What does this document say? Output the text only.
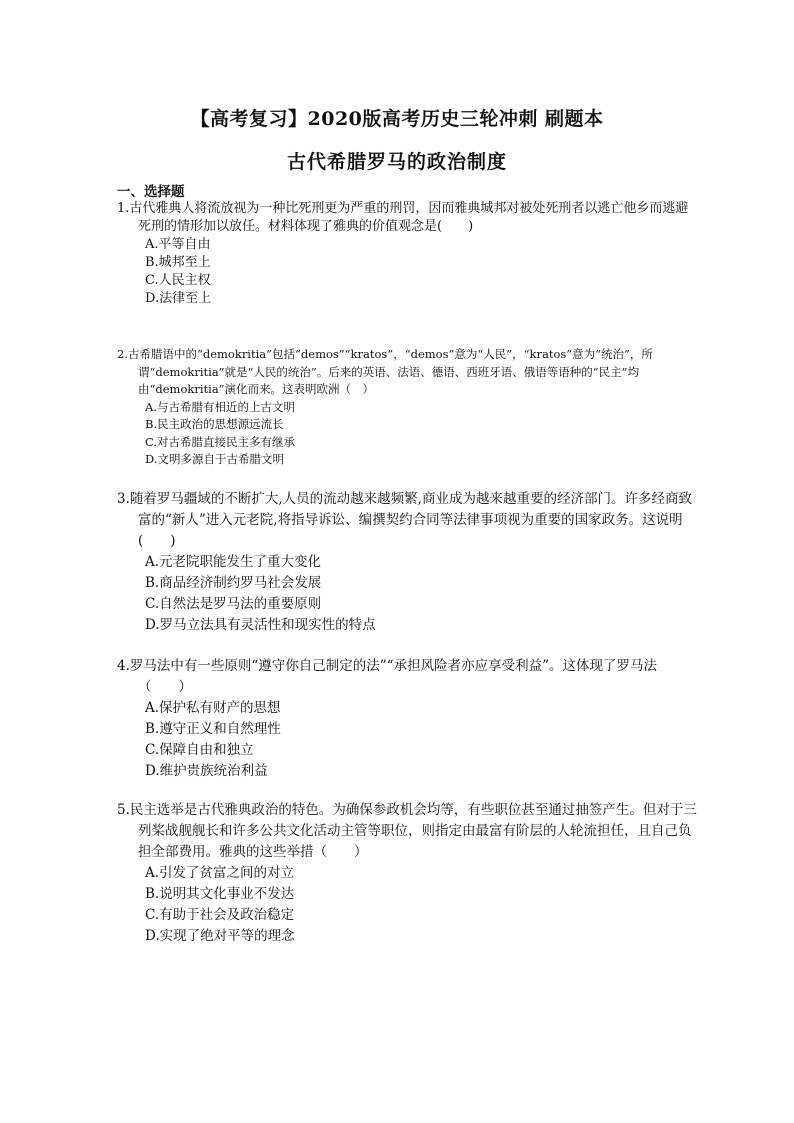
【高考复习】2020版高考历史三轮冲刺 刷题本
古代希腊罗马的政治制度
一、选择题

1.古代雅典人将流放视为一种比死刑更为严重的刑罚，因而雅典城邦对被处死刑者以逃亡他乡而逃避死刑的情形加以放任。材料体现了雅典的价值观念是(　　)

A.平等自由

B.城邦至上

C.人民主权

D.法律至上

2.古希腊语中的“demokritia”包括“demos”“kratos”，“demos”意为“人民”，“kratos”意为“统治”，所谓“demokritia”就是“人民的统治”。后来的英语、法语、德语、西班牙语、俄语等语种的“民主”均由“demokritia”演化而来。这表明欧洲（　）

A.与古希腊有相近的上古文明

B.民主政治的思想源远流长

C.对古希腊直接民主多有继承

D.文明多源自于古希腊文明

3.随着罗马疆域的不断扩大,人员的流动越来越频繁,商业成为越来越重要的经济部门。许多经商致富的“新人”进入元老院,将指导诉讼、编撰契约合同等法律事项视为重要的国家政务。这说明(　　)

A.元老院职能发生了重大变化

B.商品经济制约罗马社会发展

C.自然法是罗马法的重要原则

D.罗马立法具有灵活性和现实性的特点

4.罗马法中有一些原则“遵守你自己制定的法”“承担风险者亦应享受利益”。这体现了罗马法（　　）

A.保护私有财产的思想

B.遵守正义和自然理性

C.保障自由和独立

D.维护贵族统治利益

5.民主选举是古代雅典政治的特色。为确保参政机会均等，有些职位甚至通过抽签产生。但对于三列桨战舰舰长和许多公共文化活动主管等职位，则指定由最富有阶层的人轮流担任，且自己负担全部费用。雅典的这些举措（　　）

A.引发了贫富之间的对立

B.说明其文化事业不发达

C.有助于社会及政治稳定

D.实现了绝对平等的理念
